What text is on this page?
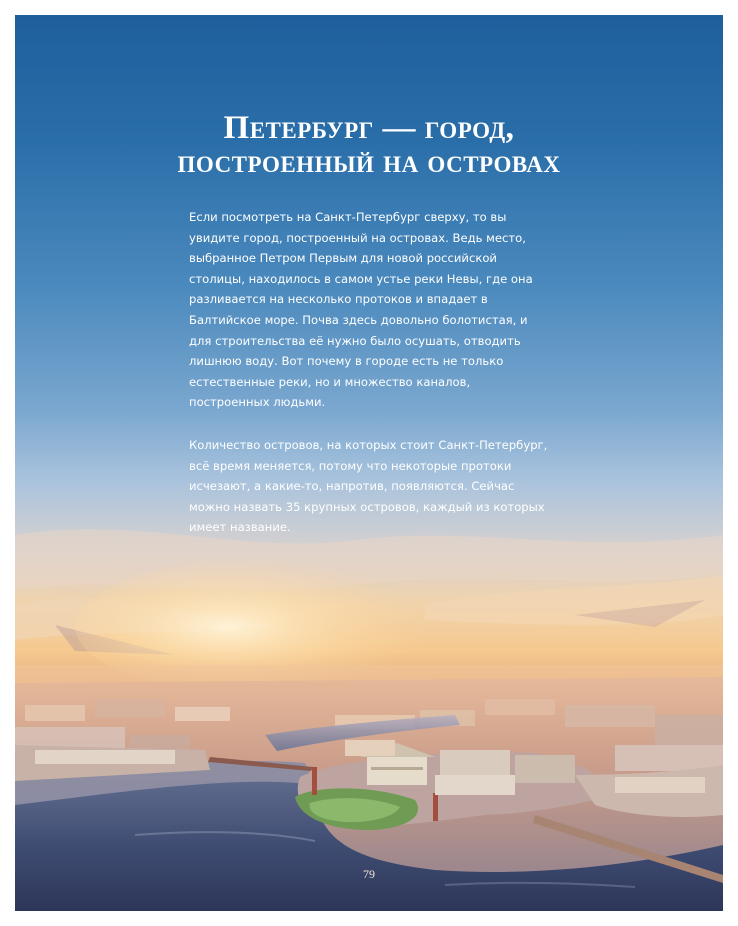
Петербург — город,
построенный на островах

Если посмотреть на Санкт-Петербург сверху, то вы увидите город, построенный на островах. Ведь место, выбранное Петром Первым для новой российской столицы, находилось в самом устье реки Невы, где она разливается на несколько протоков и впадает в Балтийское море. Почва здесь довольно болотистая, и для строительства её нужно было осушать, отводить лишнюю воду. Вот почему в городе есть не только естественные реки, но и множество каналов, построенных людьми.

Количество островов, на которых стоит Санкт-Петербург, всё время меняется, потому что некоторые протоки исчезают, а какие-то, напротив, появляются. Сейчас можно назвать 35 крупных островов, каждый из которых имеет название.

79
